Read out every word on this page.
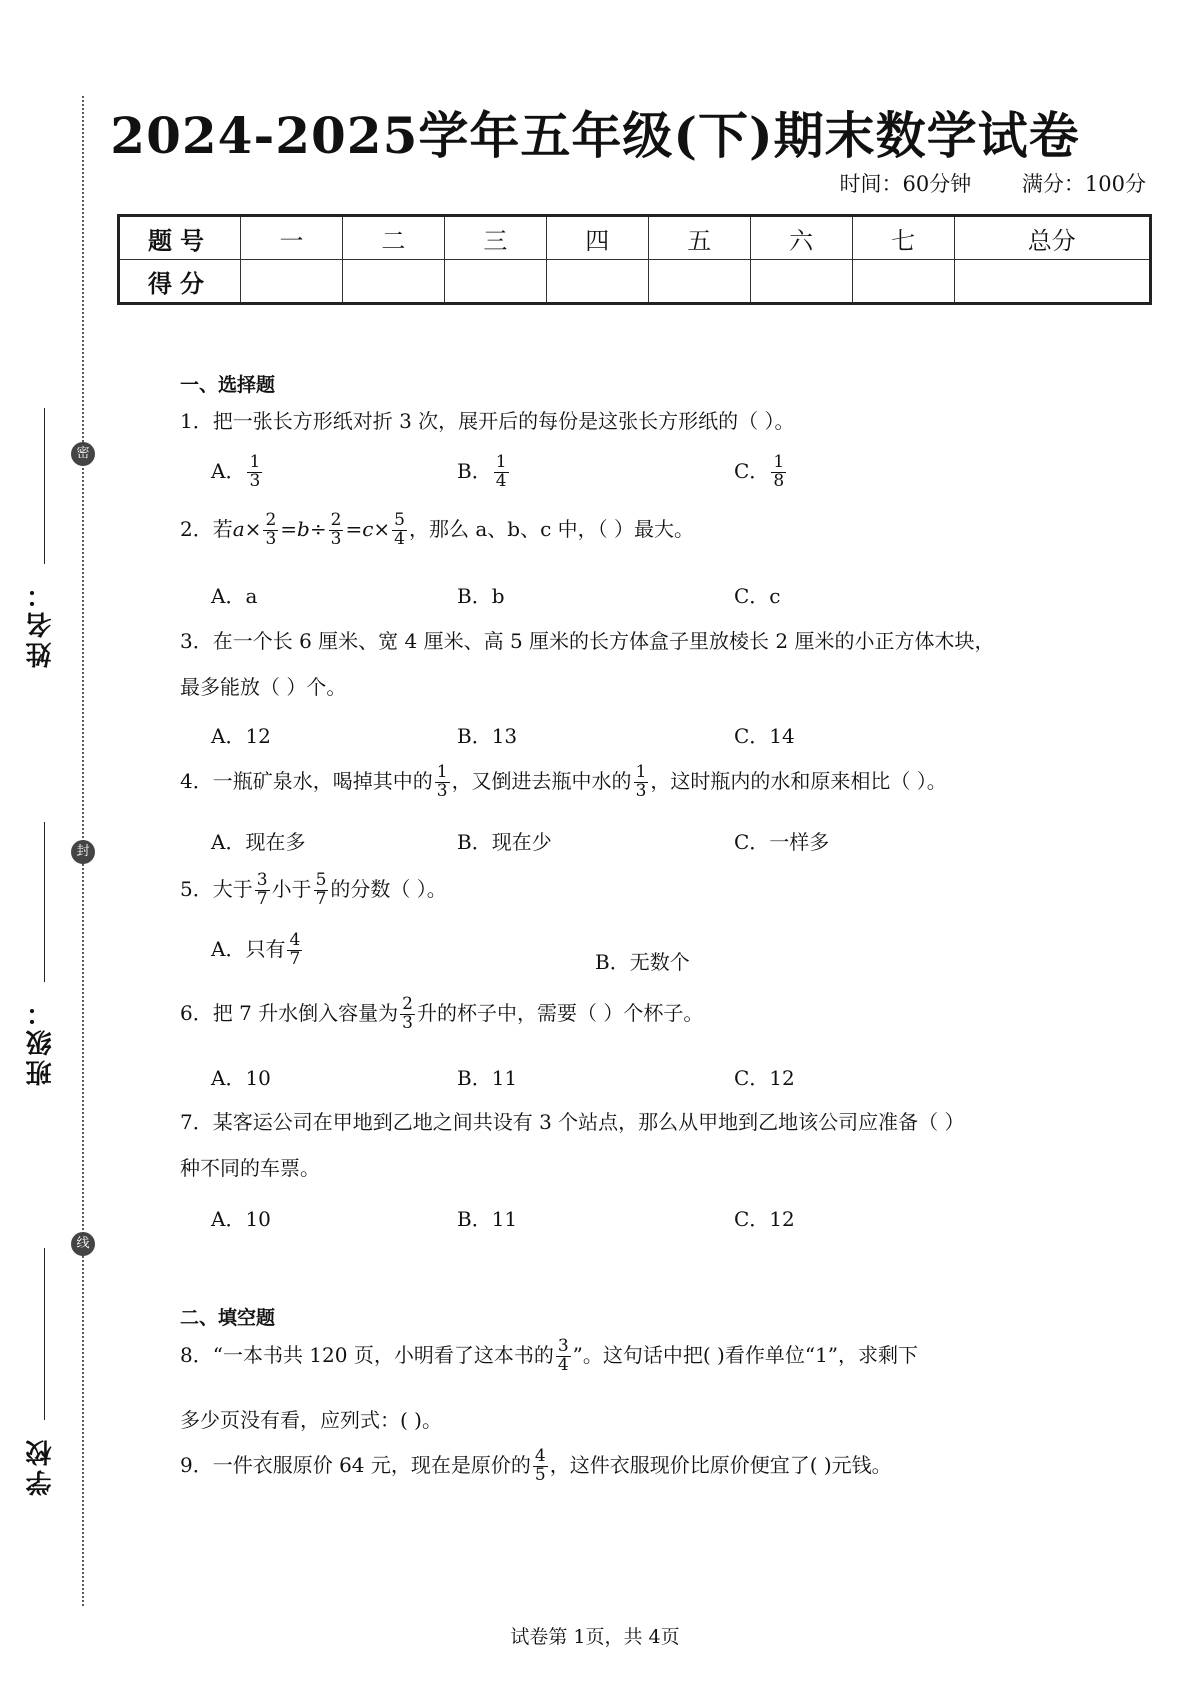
密
封
线
姓名：
班级：
学校
2024-2025学年五年级(下)期末数学试卷
时间：60分钟 满分：100分
题号	一	二	三	四	五	六	七	总分
得分								
一、选择题
1．把一张长方形纸对折 3 次，展开后的每份是这张长方形纸的（ ）。
A． $\frac{1}{3}$	B． $\frac{1}{4}$	C． $\frac{1}{8}$
2．若$a\times \frac{2}{3} =b\div \frac{2}{3} =c\times \frac{5}{4}$ ，那么 a、b、c 中，（ ）最大。
A．a	B．b	C．c
3．在一个长 6 厘米、宽 4 厘米、高 5 厘米的长方体盒子里放棱长 2 厘米的小正方体木块，
最多能放（ ）个。
A．12	B．13	C．14
4．一瓶矿泉水，喝掉其中的 $\frac{1}{3}$ ，又倒进去瓶中水的 $\frac{1}{3}$ ，这时瓶内的水和原来相比（ ）。
A．现在多	B．现在少	C．一样多
5．大于 $\frac{3}{7}$ 小于 $\frac{5}{7}$ 的分数（ ）。
A．只有 $\frac{4}{7}$	B．无数个
6．把 7 升水倒入容量为 $\frac{2}{3}$ 升的杯子中，需要（ ）个杯子。
A．10	B．11	C．12
7．某客运公司在甲地到乙地之间共设有 3 个站点，那么从甲地到乙地该公司应准备（ ）
种不同的车票。
A．10	B．11	C．12
二、填空题
8．“一本书共 120 页，小明看了这本书的 $\frac{3}{4}$ ”。这句话中把( )看作单位“1”，求剩下
多少页没有看，应列式：( )。
9．一件衣服原价 64 元，现在是原价的 $\frac{4}{5}$ ，这件衣服现价比原价便宜了( )元钱。
试卷第 1页，共 4页
